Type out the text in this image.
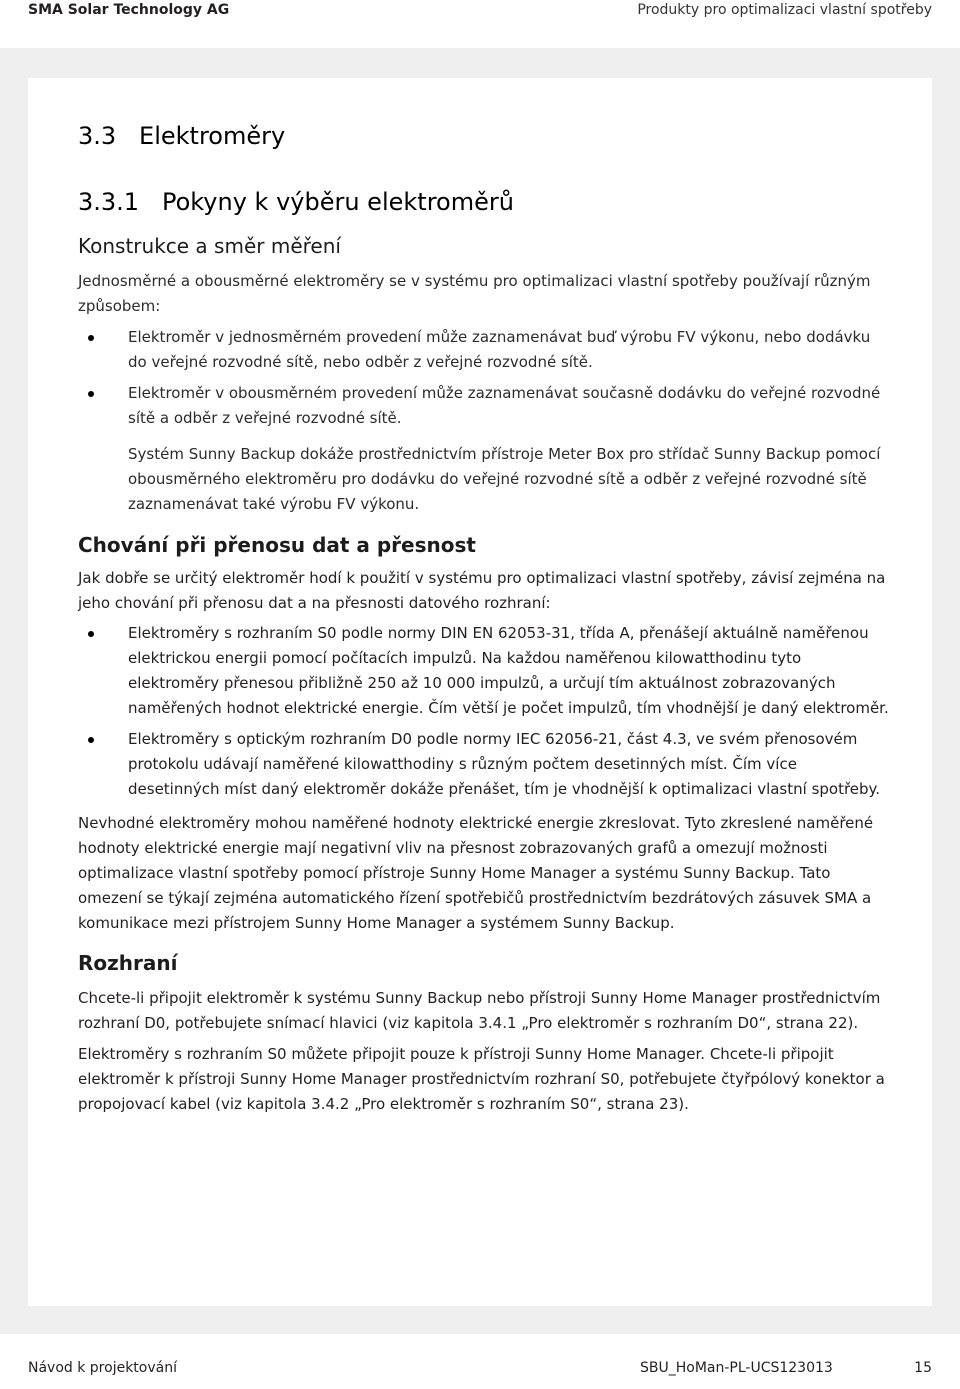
SMA Solar Technology AG	Produkty pro optimalizaci vlastní spotřeby
3.3   Elektroměry
3.3.1   Pokyny k výběru elektroměrů
Konstrukce a směr měření

Jednosměrné a obousměrné elektroměry se v systému pro optimalizaci vlastní spotřeby používají různým způsobem:

Elektroměr v jednosměrném provedení může zaznamenávat buď výrobu FV výkonu, nebo dodávku do veřejné rozvodné sítě, nebo odběr z veřejné rozvodné sítě.
Elektroměr v obousměrném provedení může zaznamenávat současně dodávku do veřejné rozvodné sítě a odběr z veřejné rozvodné sítě.

Systém Sunny Backup dokáže prostřednictvím přístroje Meter Box pro střídač Sunny Backup pomocí obousměrného elektroměru pro dodávku do veřejné rozvodné sítě a odběr z veřejné rozvodné sítě zaznamenávat také výrobu FV výkonu.

Chování při přenosu dat a přesnost

Jak dobře se určitý elektroměr hodí k použití v systému pro optimalizaci vlastní spotřeby, závisí zejména na jeho chování při přenosu dat a na přesnosti datového rozhraní:

Elektroměry s rozhraním S0 podle normy DIN EN 62053-31, třída A, přenášejí aktuálně naměřenou elektrickou energii pomocí počítacích impulzů. Na každou naměřenou kilowatthodinu tyto elektroměry přenesou přibližně 250 až 10 000 impulzů, a určují tím aktuálnost zobrazovaných naměřených hodnot elektrické energie. Čím větší je počet impulzů, tím vhodnější je daný elektroměr.
Elektroměry s optickým rozhraním D0 podle normy IEC 62056-21, část 4.3, ve svém přenosovém protokolu udávají naměřené kilowatthodiny s různým počtem desetinných míst. Čím více desetinných míst daný elektroměr dokáže přenášet, tím je vhodnější k optimalizaci vlastní spotřeby.

Nevhodné elektroměry mohou naměřené hodnoty elektrické energie zkreslovat. Tyto zkreslené naměřené hodnoty elektrické energie mají negativní vliv na přesnost zobrazovaných grafů a omezují možnosti optimalizace vlastní spotřeby pomocí přístroje Sunny Home Manager a systému Sunny Backup. Tato omezení se týkají zejména automatického řízení spotřebičů prostřednictvím bezdrátových zásuvek SMA a komunikace mezi přístrojem Sunny Home Manager a systémem Sunny Backup.

Rozhraní

Chcete-li připojit elektroměr k systému Sunny Backup nebo přístroji Sunny Home Manager prostřednictvím rozhraní D0, potřebujete snímací hlavici (viz kapitola 3.4.1 „Pro elektroměr s rozhraním D0“, strana 22).

Elektroměry s rozhraním S0 můžete připojit pouze k přístroji Sunny Home Manager. Chcete-li připojit elektroměr k přístroji Sunny Home Manager prostřednictvím rozhraní S0, potřebujete čtyřpólový konektor a propojovací kabel (viz kapitola 3.4.2 „Pro elektroměr s rozhraním S0“, strana 23).

Návod k projektování	SBU_HoMan-PL-UCS123013	15
